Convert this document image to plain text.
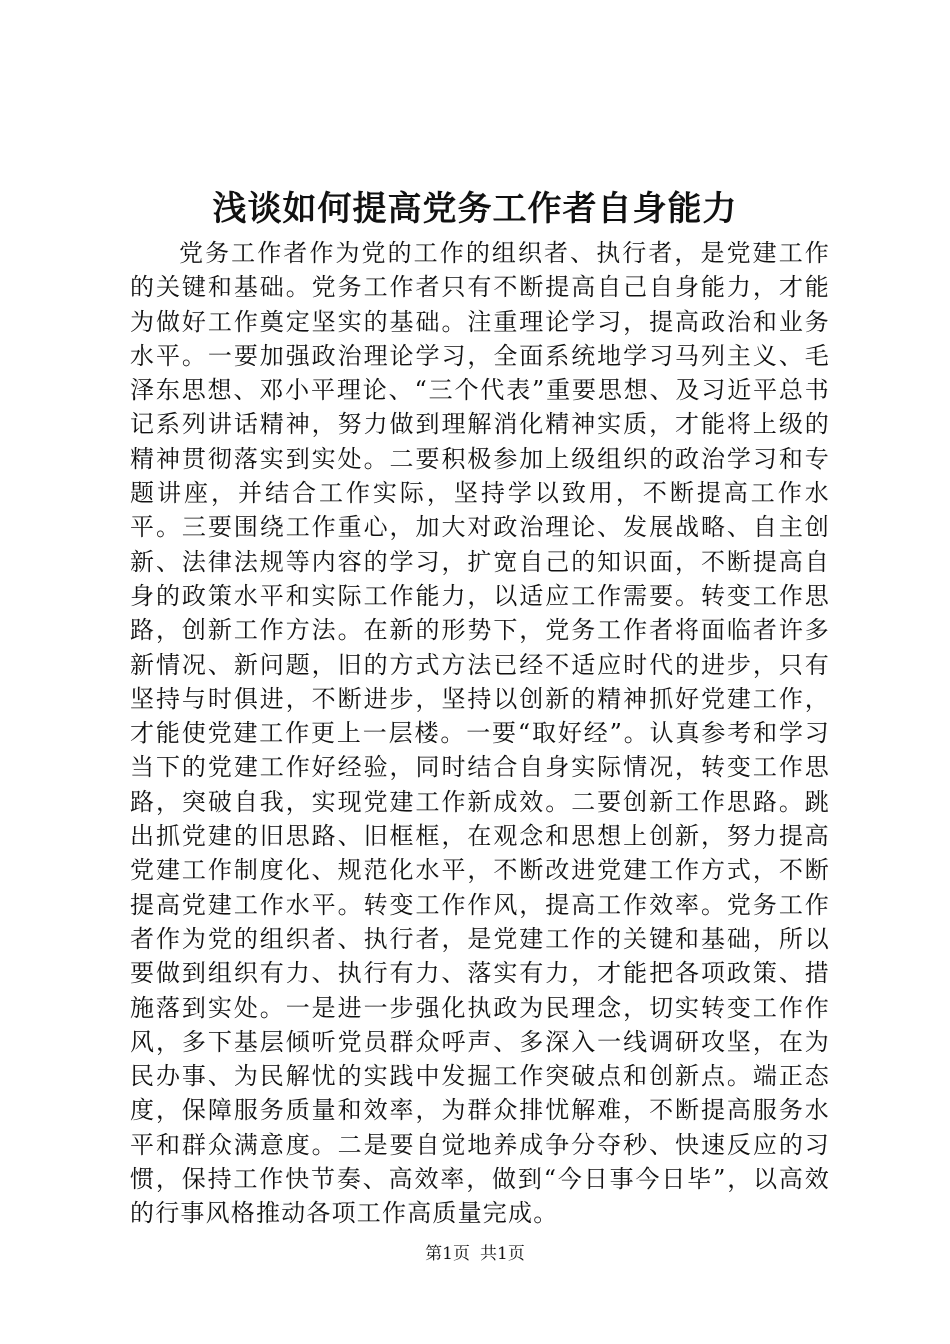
浅谈如何提高党务工作者自身能力

党务工作者作为党的工作的组织者、执行者，是党建工作的关键和基础。党务工作者只有不断提高自己自身能力，才能为做好工作奠定坚实的基础。注重理论学习，提高政治和业务水平。一要加强政治理论学习，全面系统地学习马列主义、毛泽东思想、邓小平理论、“三个代表”重要思想、及习近平总书记系列讲话精神，努力做到理解消化精神实质，才能将上级的精神贯彻落实到实处。二要积极参加上级组织的政治学习和专题讲座，并结合工作实际，坚持学以致用，不断提高工作水平。三要围绕工作重心，加大对政治理论、发展战略、自主创新、法律法规等内容的学习，扩宽自己的知识面，不断提高自身的政策水平和实际工作能力，以适应工作需要。转变工作思路，创新工作方法。在新的形势下，党务工作者将面临者许多新情况、新问题，旧的方式方法已经不适应时代的进步，只有坚持与时俱进，不断进步，坚持以创新的精神抓好党建工作，才能使党建工作更上一层楼。一要“取好经”。认真参考和学习当下的党建工作好经验，同时结合自身实际情况，转变工作思路，突破自我，实现党建工作新成效。二要创新工作思路。跳出抓党建的旧思路、旧框框，在观念和思想上创新，努力提高党建工作制度化、规范化水平，不断改进党建工作方式，不断提高党建工作水平。转变工作作风，提高工作效率。党务工作者作为党的组织者、执行者，是党建工作的关键和基础，所以要做到组织有力、执行有力、落实有力，才能把各项政策、措施落到实处。一是进一步强化执政为民理念，切实转变工作作风，多下基层倾听党员群众呼声、多深入一线调研攻坚，在为民办事、为民解忧的实践中发掘工作突破点和创新点。端正态度，保障服务质量和效率，为群众排忧解难，不断提高服务水平和群众满意度。二是要自觉地养成争分夺秒、快速反应的习惯，保持工作快节奏、高效率，做到“今日事今日毕”，以高效的行事风格推动各项工作高质量完成。

第1页 共1页
